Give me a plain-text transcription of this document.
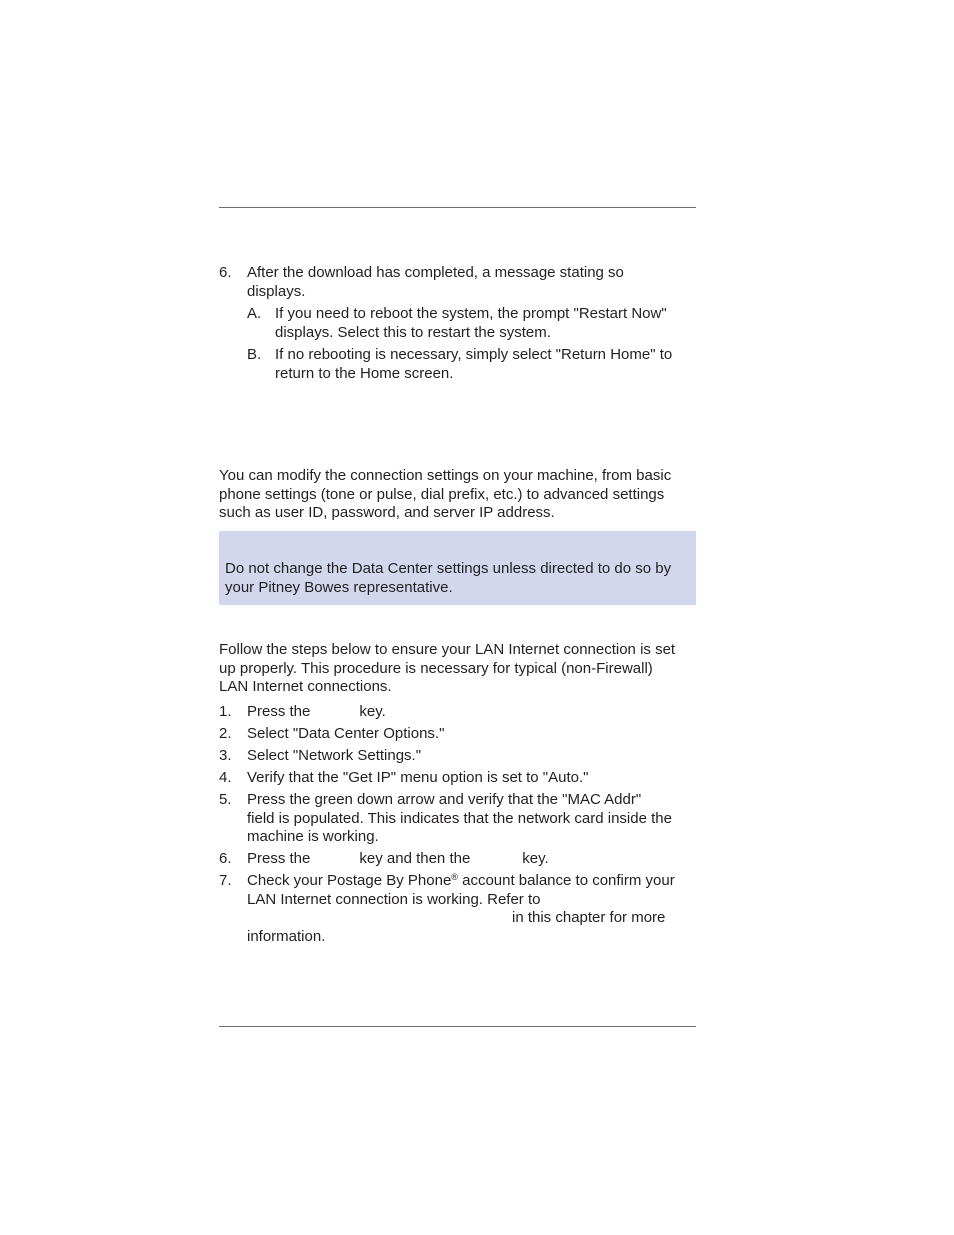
6. After the download has completed, a message stating so
displays.
A. If you need to reboot the system, the prompt "Restart Now"
displays. Select this to restart the system.
B. If no rebooting is necessary, simply select "Return Home" to
return to the Home screen.

You can modify the connection settings on your machine, from basic
phone settings (tone or pulse, dial prefix, etc.) to advanced settings
such as user ID, password, and server IP address.

Do not change the Data Center settings unless directed to do so by
your Pitney Bowes representative.

Follow the steps below to ensure your LAN Internet connection is set
up properly. This procedure is necessary for typical (non-Firewall)
LAN Internet connections.

1. Press the	key.
2. Select "Data Center Options."
3. Select "Network Settings."
4. Verify that the "Get IP" menu option is set to "Auto."
5. Press the green down arrow and verify that the "MAC Addr"
field is populated. This indicates that the network card inside the
machine is working.
6. Press the	key and then the	key.
7. Check your Postage By Phone® account balance to confirm your
LAN Internet connection is working. Refer to
in this chapter for more
information.
